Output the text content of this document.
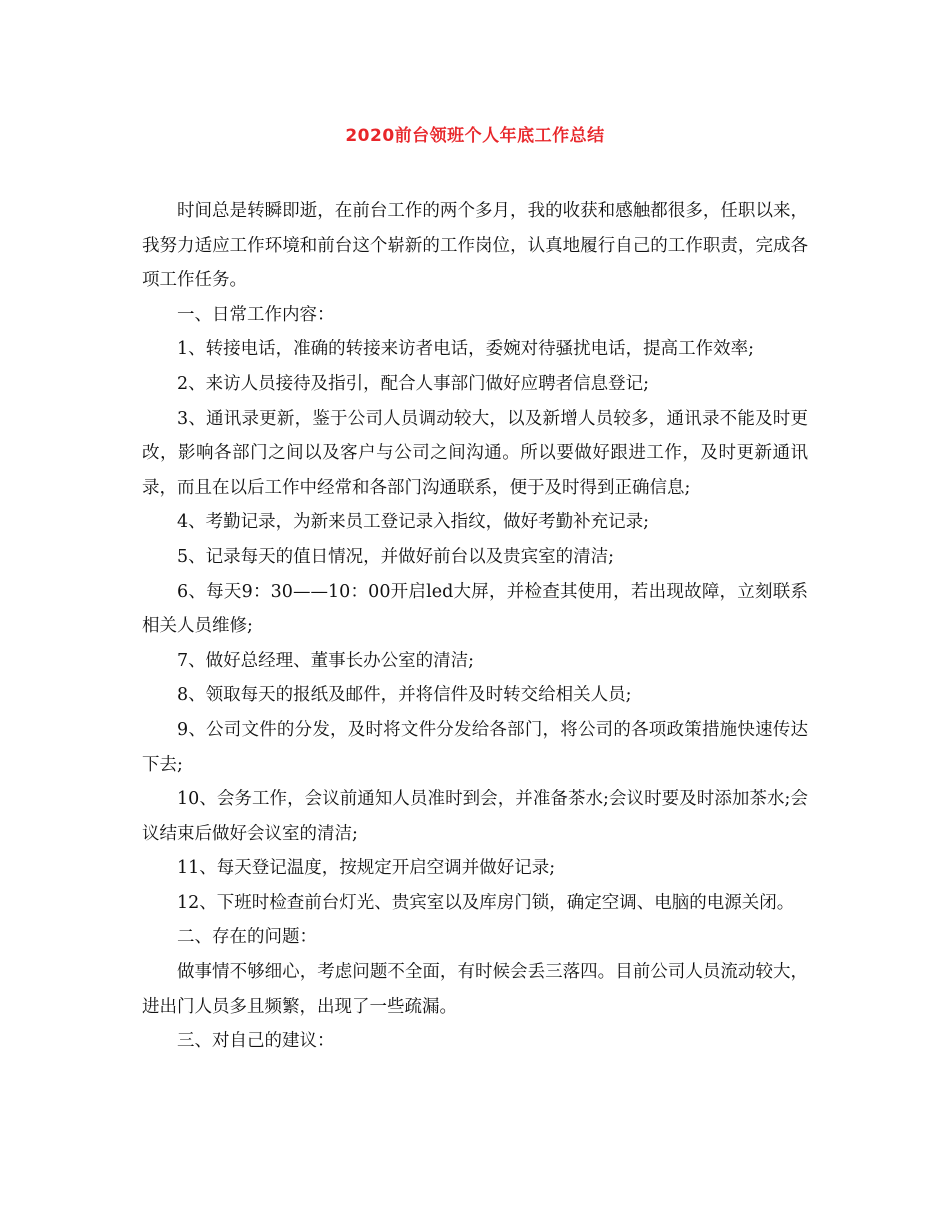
2020前台领班个人年底工作总结

时间总是转瞬即逝，在前台工作的两个多月，我的收获和感触都很多，任职以来，我努力适应工作环境和前台这个崭新的工作岗位，认真地履行自己的工作职责，完成各项工作任务。

一、日常工作内容：

1、转接电话，准确的转接来访者电话，委婉对待骚扰电话，提高工作效率;

2、来访人员接待及指引，配合人事部门做好应聘者信息登记;

3、通讯录更新，鉴于公司人员调动较大，以及新增人员较多，通讯录不能及时更改，影响各部门之间以及客户与公司之间沟通。所以要做好跟进工作，及时更新通讯录，而且在以后工作中经常和各部门沟通联系，便于及时得到正确信息;

4、考勤记录，为新来员工登记录入指纹，做好考勤补充记录;

5、记录每天的值日情况，并做好前台以及贵宾室的清洁;

6、每天9：30——10：00开启led大屏，并检查其使用，若出现故障，立刻联系相关人员维修;

7、做好总经理、董事长办公室的清洁;

8、领取每天的报纸及邮件，并将信件及时转交给相关人员;

9、公司文件的分发，及时将文件分发给各部门，将公司的各项政策措施快速传达下去;

10、会务工作，会议前通知人员准时到会，并准备茶水;会议时要及时添加茶水;会议结束后做好会议室的清洁;

11、每天登记温度，按规定开启空调并做好记录;

12、下班时检查前台灯光、贵宾室以及库房门锁，确定空调、电脑的电源关闭。

二、存在的问题：

做事情不够细心，考虑问题不全面，有时候会丢三落四。目前公司人员流动较大，进出门人员多且频繁，出现了一些疏漏。

三、对自己的建议：
